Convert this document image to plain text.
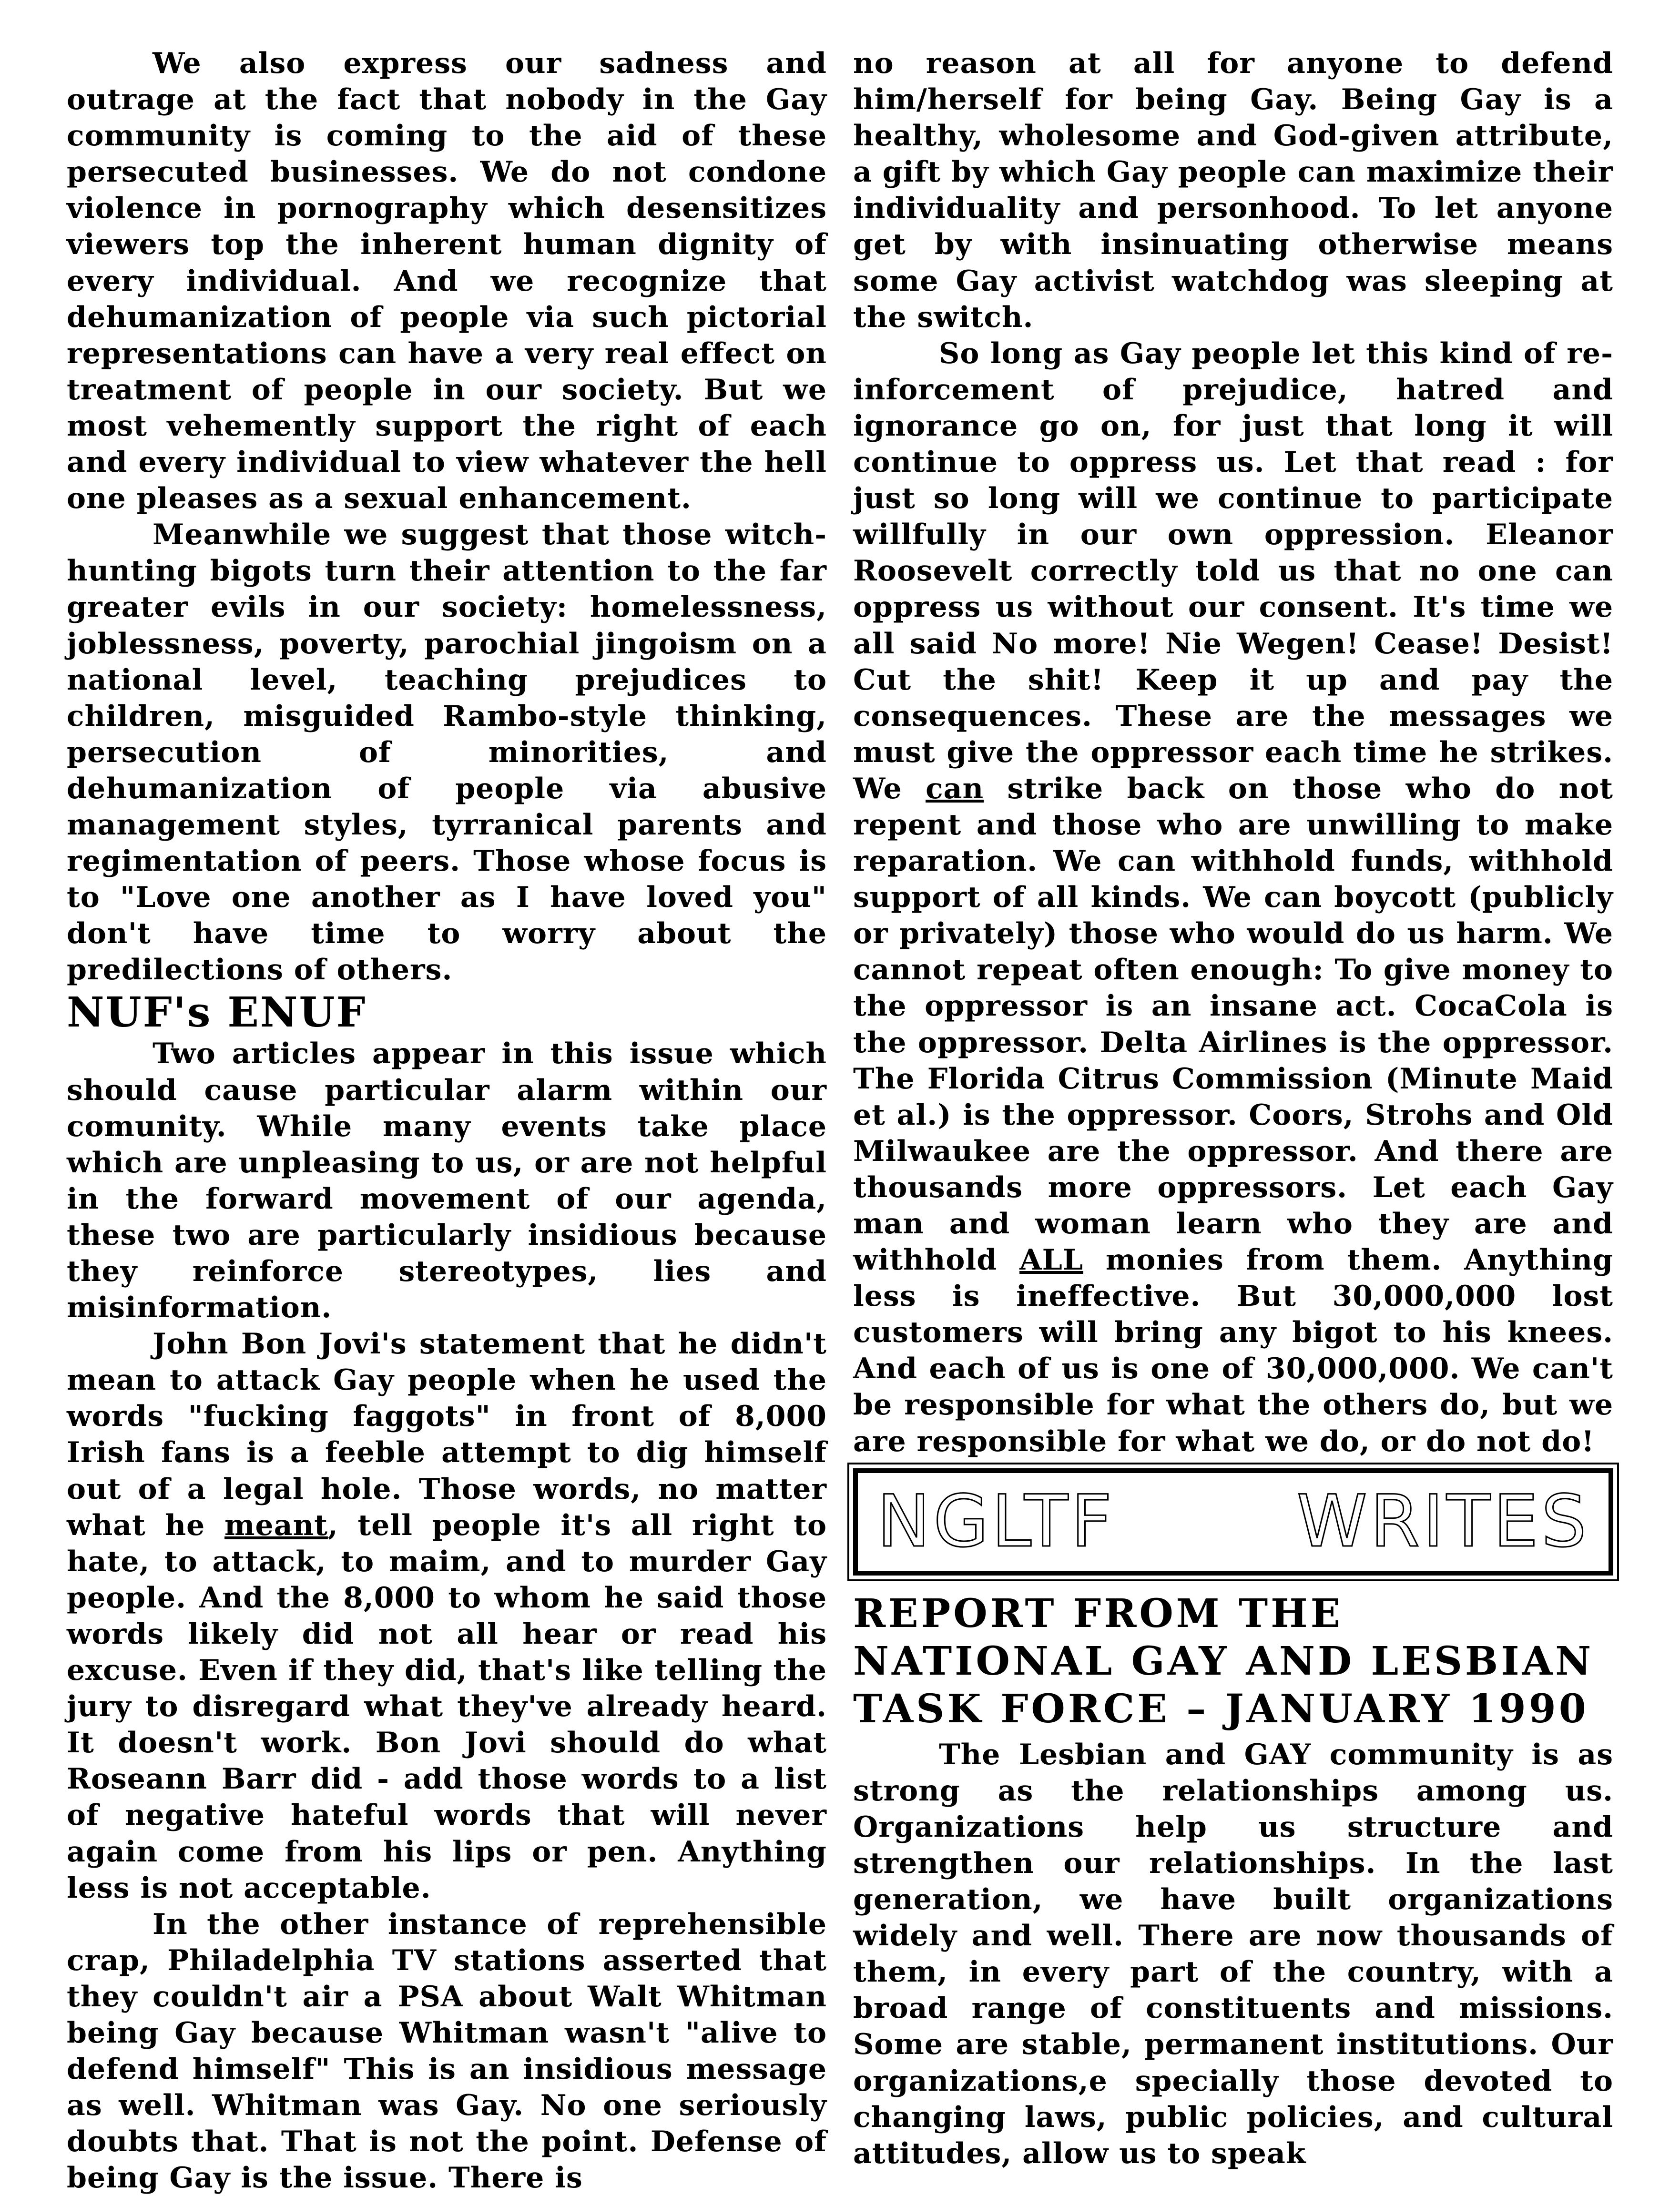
We also express our sadness and outrage at the fact that nobody in the Gay community is coming to the aid of these persecuted businesses. We do not condone violence in pornography which desensitizes viewers top the inherent human dignity of every individual. And we recognize that dehumanization of people via such pictorial representations can have a very real effect on treatment of people in our society. But we most vehemently support the right of each and every individual to view whatever the hell one pleases as a sexual enhancement.

Meanwhile we suggest that those witch-hunting bigots turn their attention to the far greater evils in our society: homelessness, joblessness, poverty, parochial jingoism on a national level, teaching prejudices to children, misguided Rambo-style thinking, persecution of minorities, and dehumanization of people via abusive management styles, tyrranical parents and regimentation of peers. Those whose focus is to "Love one another as I have loved you" don't have time to worry about the predilections of others.

NUF's ENUF

Two articles appear in this issue which should cause particular alarm within our comunity. While many events take place which are unpleasing to us, or are not helpful in the forward movement of our agenda, these two are particularly insidious because they reinforce stereotypes, lies and misinformation.

John Bon Jovi's statement that he didn't mean to attack Gay people when he used the words "fucking faggots" in front of 8,000 Irish fans is a feeble attempt to dig himself out of a legal hole. Those words, no matter what he meant, tell people it's all right to hate, to attack, to maim, and to murder Gay people. And the 8,000 to whom he said those words likely did not all hear or read his excuse. Even if they did, that's like telling the jury to disregard what they've already heard. It doesn't work. Bon Jovi should do what Roseann Barr did - add those words to a list of negative hateful words that will never again come from his lips or pen. Anything less is not acceptable.

In the other instance of reprehensible crap, Philadelphia TV stations asserted that they couldn't air a PSA about Walt Whitman being Gay because Whitman wasn't "alive to defend himself" This is an insidious message as well. Whitman was Gay. No one seriously doubts that. That is not the point. Defense of being Gay is the issue. There is

no reason at all for anyone to defend him/herself for being Gay. Being Gay is a healthy, wholesome and God-given attribute, a gift by which Gay people can maximize their individuality and personhood. To let anyone get by with insinuating otherwise means some Gay activist watchdog was sleeping at the switch.

So long as Gay people let this kind of re-inforcement of prejudice, hatred and ignorance go on, for just that long it will continue to oppress us. Let that read : for just so long will we continue to participate willfully in our own oppression. Eleanor Roosevelt correctly told us that no one can oppress us without our consent. It's time we all said No more! Nie Wegen! Cease! Desist! Cut the shit! Keep it up and pay the consequences. These are the messages we must give the oppressor each time he strikes. We can strike back on those who do not repent and those who are unwilling to make reparation. We can withhold funds, withhold support of all kinds. We can boycott (publicly or privately) those who would do us harm. We cannot repeat often enough: To give money to the oppressor is an insane act. CocaCola is the oppressor. Delta Airlines is the oppressor. The Florida Citrus Commission (Minute Maid et al.) is the oppressor. Coors, Strohs and Old Milwaukee are the oppressor. And there are thousands more oppressors. Let each Gay man and woman learn who they are and withhold ALL monies from them. Anything less is ineffective. But 30,000,000 lost customers will bring any bigot to his knees. And each of us is one of 30,000,000. We can't be responsible for what the others do, but we are responsible for what we do, or do not do!

NGLTF	WRITES
REPORT FROM THE NATIONAL GAY AND LESBIAN TASK FORCE – JANUARY 1990

The Lesbian and GAY community is as strong as the relationships among us. Organizations help us structure and strengthen our relationships. In the last generation, we have built organizations widely and well. There are now thousands of them, in every part of the country, with a broad range of constituents and missions. Some are stable, permanent institutions. Our organizations,e specially those devoted to changing laws, public policies, and cultural attitudes, allow us to speak
